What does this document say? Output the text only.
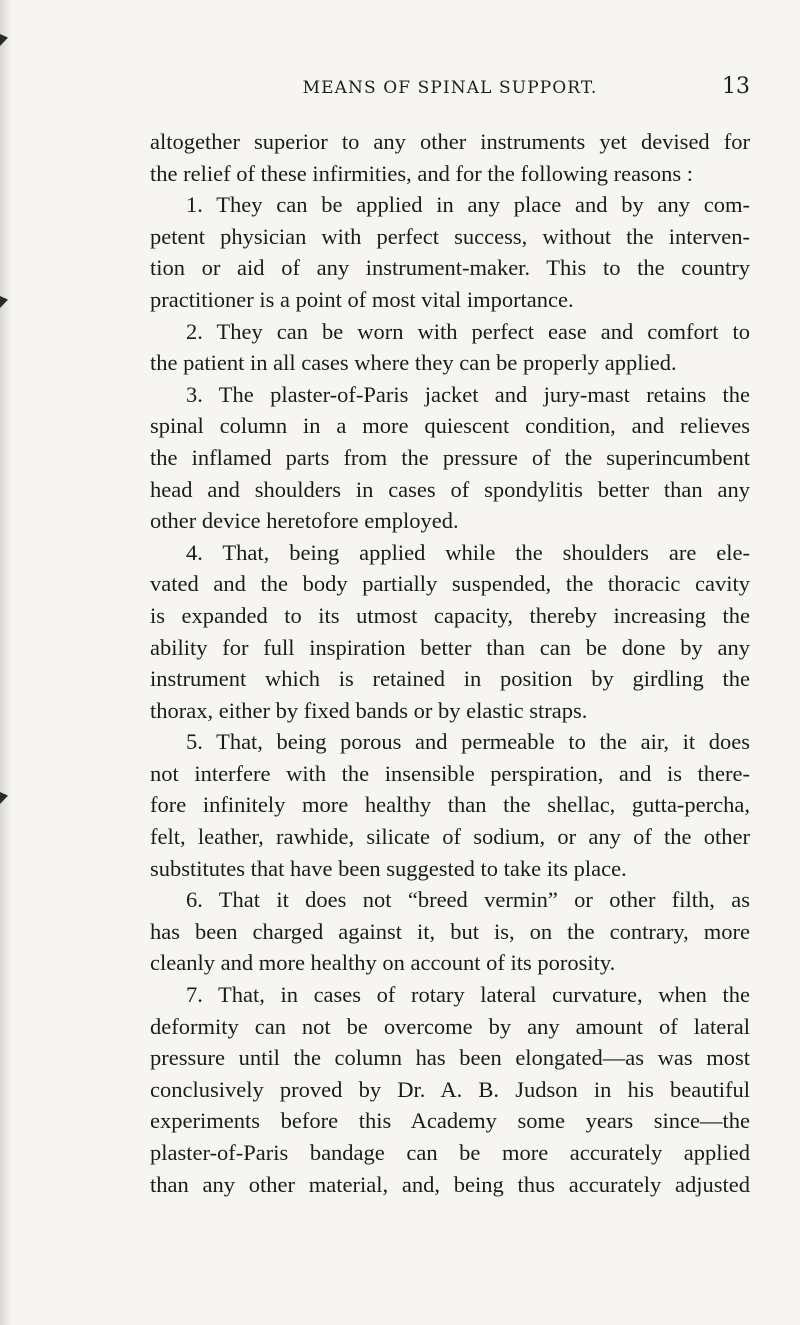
MEANS OF SPINAL SUPPORT.	13
altogether superior to any other instruments yet devised for
the relief of these infirmities, and for the following reasons :
1. They can be applied in any place and by any com-
petent physician with perfect success, without the interven-
tion or aid of any instrument-maker. This to the country
practitioner is a point of most vital importance.
2. They can be worn with perfect ease and comfort to
the patient in all cases where they can be properly applied.
3. The plaster-of-Paris jacket and jury-mast retains the
spinal column in a more quiescent condition, and relieves
the inflamed parts from the pressure of the superincumbent
head and shoulders in cases of spondylitis better than any
other device heretofore employed.
4. That, being applied while the shoulders are ele-
vated and the body partially suspended, the thoracic cavity
is expanded to its utmost capacity, thereby increasing the
ability for full inspiration better than can be done by any
instrument which is retained in position by girdling the
thorax, either by fixed bands or by elastic straps.
5. That, being porous and permeable to the air, it does
not interfere with the insensible perspiration, and is there-
fore infinitely more healthy than the shellac, gutta-percha,
felt, leather, rawhide, silicate of sodium, or any of the other
substitutes that have been suggested to take its place.
6. That it does not “breed vermin” or other filth, as
has been charged against it, but is, on the contrary, more
cleanly and more healthy on account of its porosity.
7. That, in cases of rotary lateral curvature, when the
deformity can not be overcome by any amount of lateral
pressure until the column has been elongated—as was most
conclusively proved by Dr. A. B. Judson in his beautiful
experiments before this Academy some years since—the
plaster-of-Paris bandage can be more accurately applied
than any other material, and, being thus accurately adjusted
